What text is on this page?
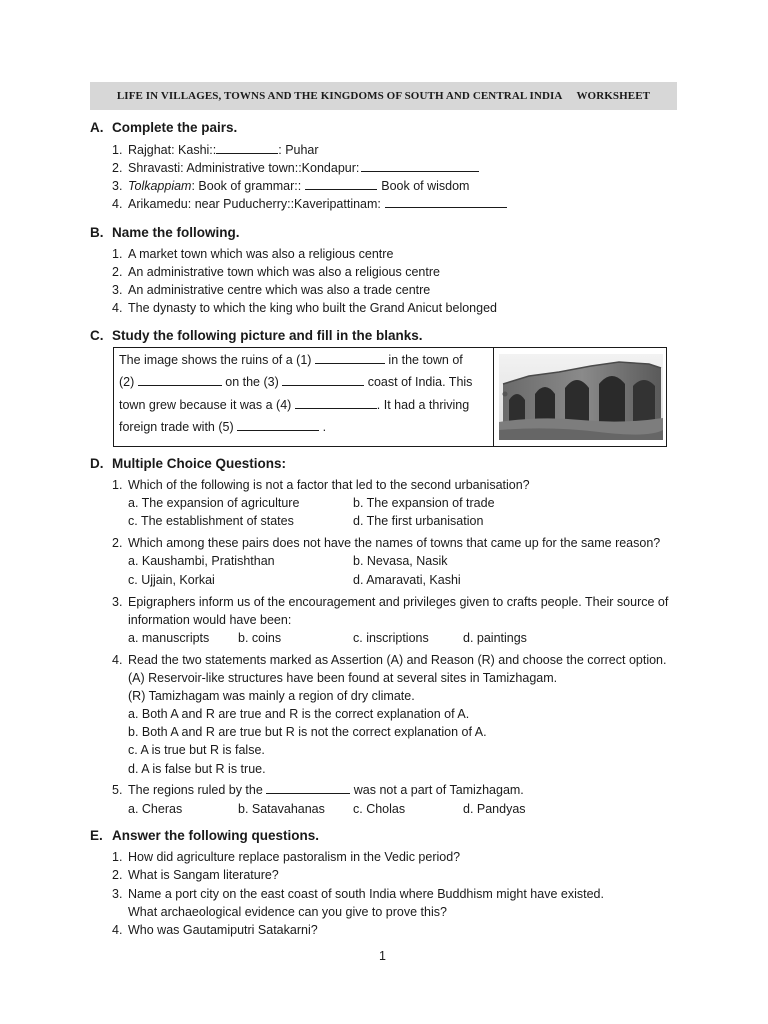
LIFE IN VILLAGES, TOWNS AND THE KINGDOMS OF SOUTH AND CENTRAL INDIA WORKSHEET
A. Complete the pairs.
1. Rajghat: Kashi::	: Puhar
2. Shravasti: Administrative town::Kondapur:
3. Tolkappiam: Book of grammar::	Book of wisdom
4. Arikamedu: near Puducherry::Kaveripattinam:
B. Name the following.
1. A market town which was also a religious centre
2. An administrative town which was also a religious centre
3. An administrative centre which was also a trade centre
4. The dynasty to which the king who built the Grand Anicut belonged
C. Study the following picture and fill in the blanks.
The image shows the ruins of a (1)	in the town of
(2)	on the (3)	coast of India. This
town grew because it was a (4)	. It had a thriving
foreign trade with (5)	.
D. Multiple Choice Questions:
1. Which of the following is not a factor that led to the second urbanisation?
a. The expansion of agriculture	b. The expansion of trade
c. The establishment of states	d. The first urbanisation
2. Which among these pairs does not have the names of towns that came up for the same reason?
a. Kaushambi, Pratishthan	b. Nevasa, Nasik
c. Ujjain, Korkai	d. Amaravati, Kashi
3. Epigraphers inform us of the encouragement and privileges given to crafts people. Their source of
information would have been:
a. manuscripts b. coins	c. inscriptions	d. paintings
4. Read the two statements marked as Assertion (A) and Reason (R) and choose the correct option.
(A) Reservoir-like structures have been found at several sites in Tamizhagam.
(R) Tamizhagam was mainly a region of dry climate.
a. Both A and R are true and R is the correct explanation of A.
b. Both A and R are true but R is not the correct explanation of A.
c. A is true but R is false.
d. A is false but R is true.
5. The regions ruled by the	was not a part of Tamizhagam.
a. Cheras	b. Satavahanas c. Cholas	d. Pandyas
E. Answer the following questions.
1. How did agriculture replace pastoralism in the Vedic period?
2. What is Sangam literature?
3. Name a port city on the east coast of south India where Buddhism might have existed.
What archaeological evidence can you give to prove this?
4. Who was Gautamiputri Satakarni?
1
